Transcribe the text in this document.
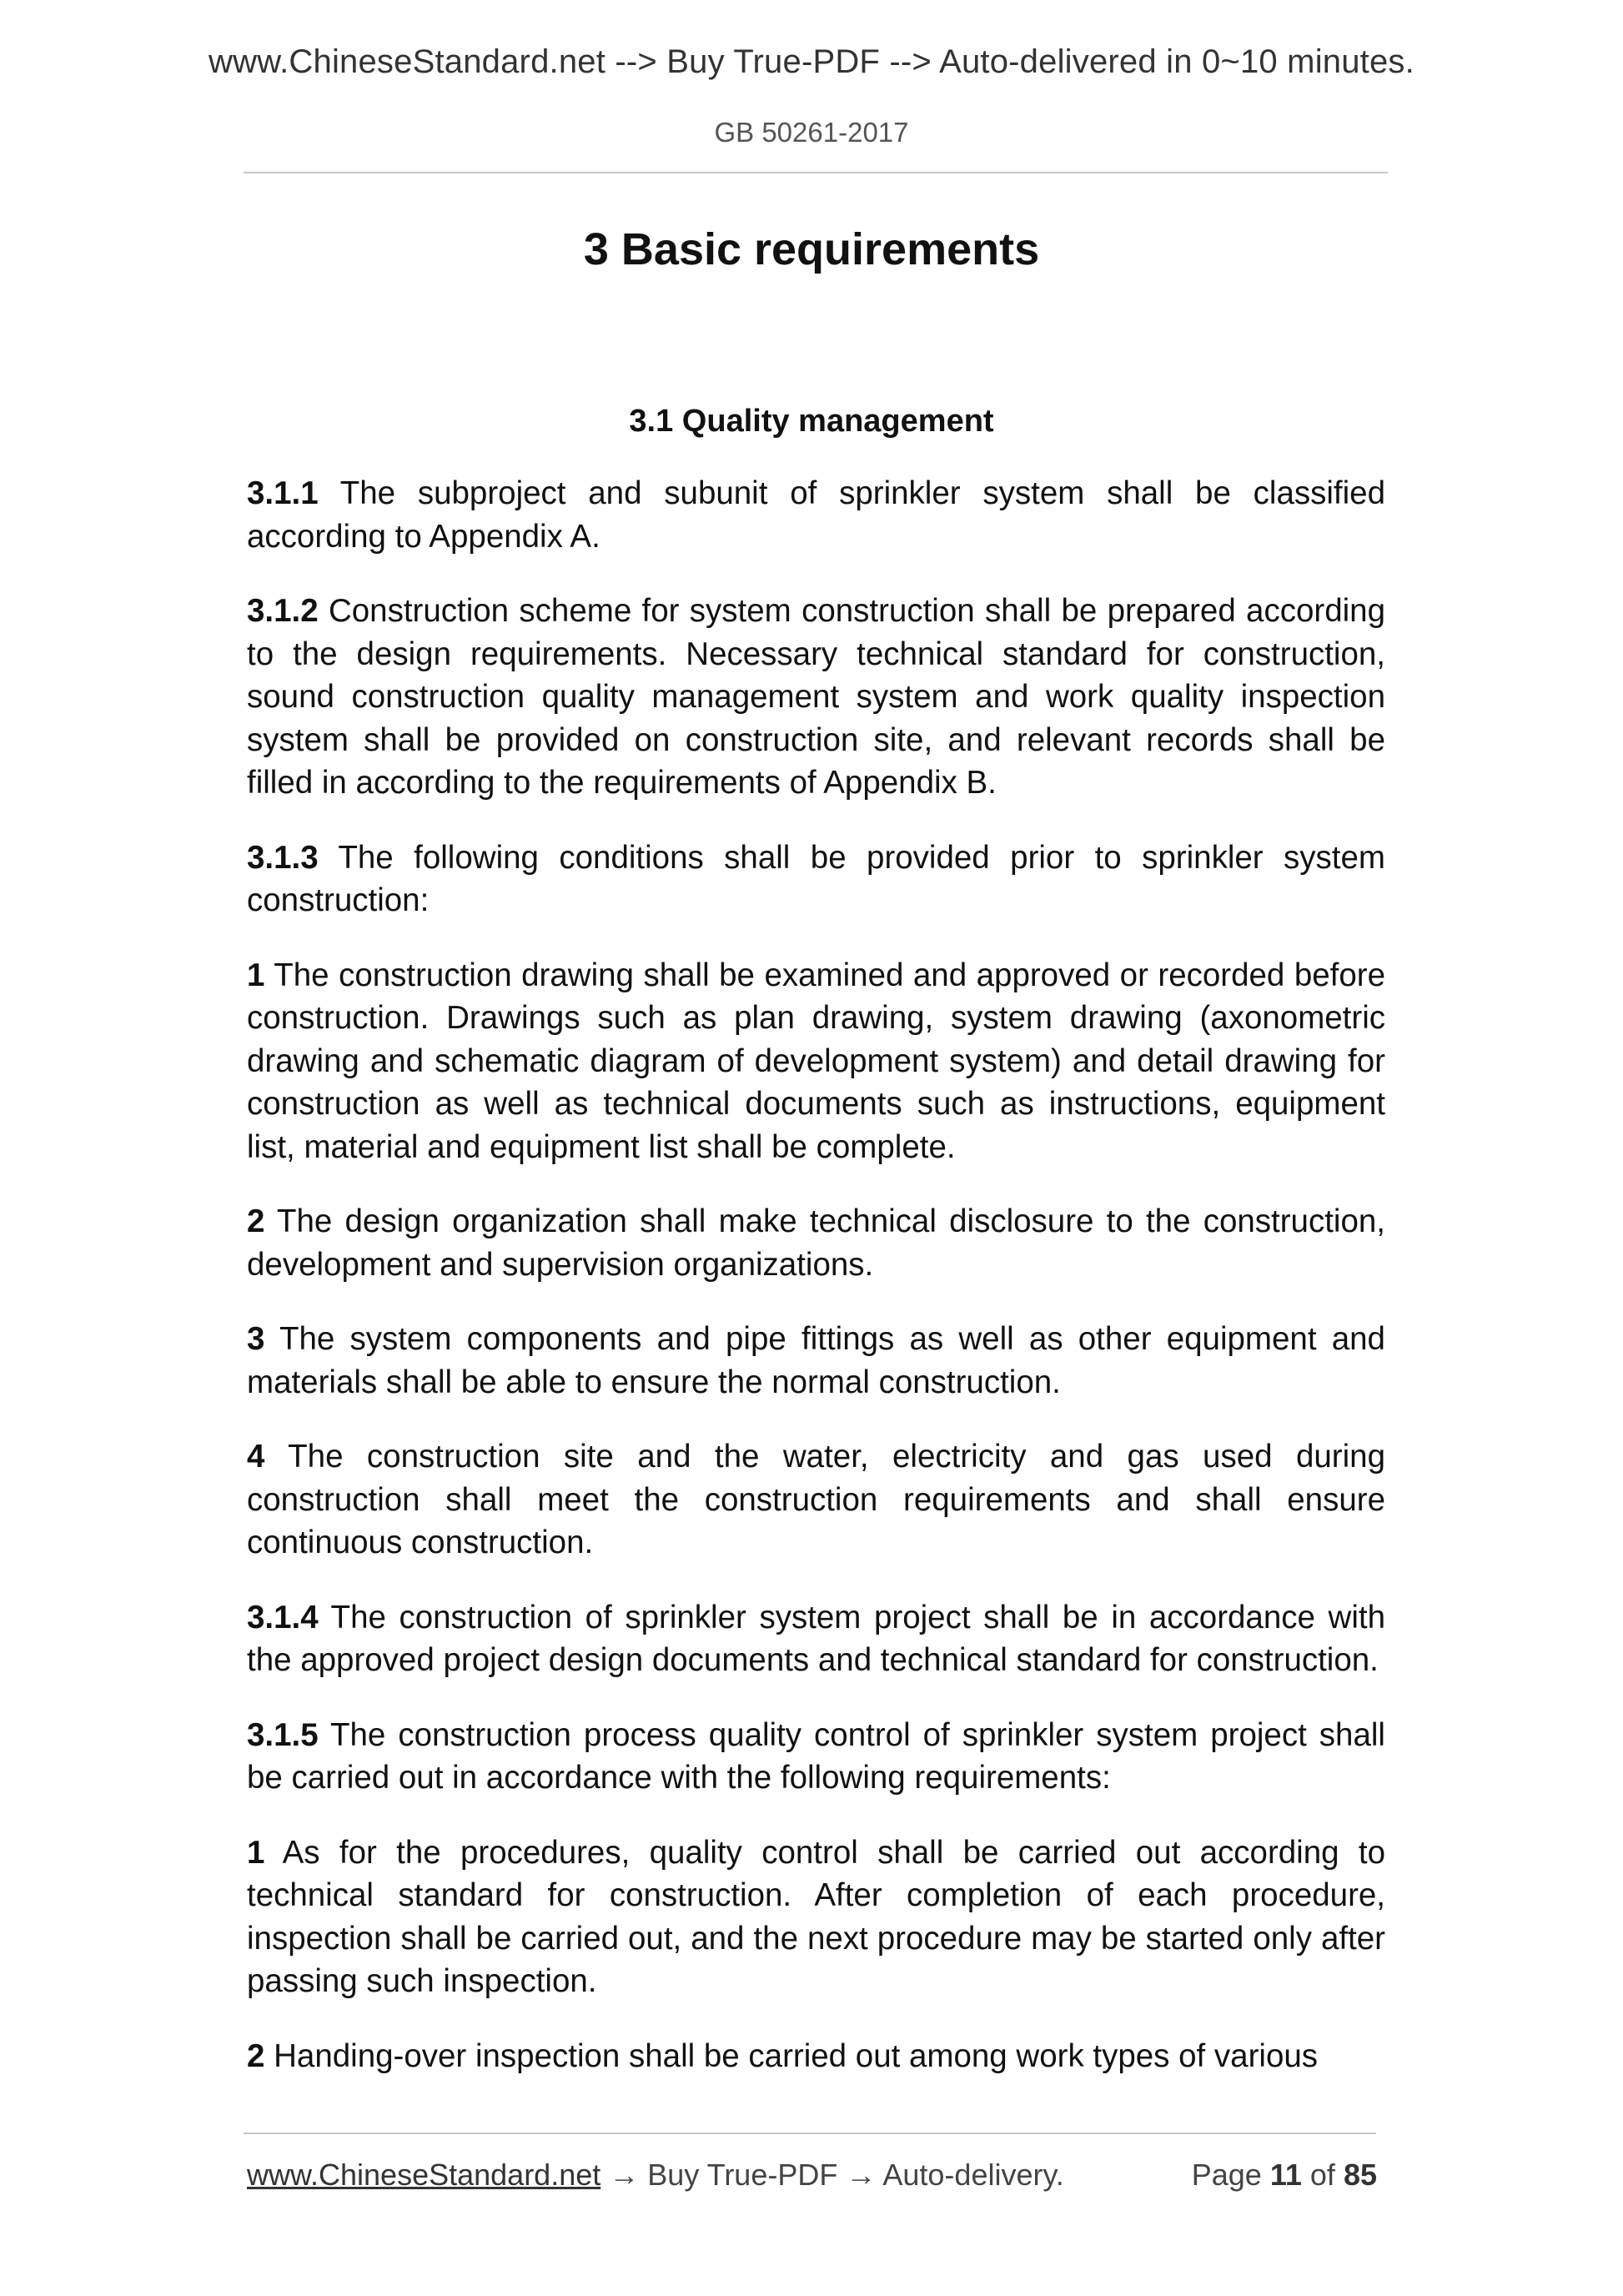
www.ChineseStandard.net --> Buy True-PDF --> Auto-delivered in 0~10 minutes.
GB 50261-2017
3 Basic requirements
3.1 Quality management

3.1.1 The subproject and subunit of sprinkler system shall be classified according to Appendix A.

3.1.2 Construction scheme for system construction shall be prepared according to the design requirements. Necessary technical standard for construction, sound construction quality management system and work quality inspection system shall be provided on construction site, and relevant records shall be filled in according to the requirements of Appendix B.

3.1.3 The following conditions shall be provided prior to sprinkler system construction:

1 The construction drawing shall be examined and approved or recorded before construction. Drawings such as plan drawing, system drawing (axonometric drawing and schematic diagram of development system) and detail drawing for construction as well as technical documents such as instructions, equipment list, material and equipment list shall be complete.

2 The design organization shall make technical disclosure to the construction, development and supervision organizations.

3 The system components and pipe fittings as well as other equipment and materials shall be able to ensure the normal construction.

4 The construction site and the water, electricity and gas used during construction shall meet the construction requirements and shall ensure continuous construction.

3.1.4 The construction of sprinkler system project shall be in accordance with the approved project design documents and technical standard for construction.

3.1.5 The construction process quality control of sprinkler system project shall be carried out in accordance with the following requirements:

1 As for the procedures, quality control shall be carried out according to technical standard for construction. After completion of each procedure, inspection shall be carried out, and the next procedure may be started only after passing such inspection.

2 Handing-over inspection shall be carried out among work types of various

www.ChineseStandard.net → Buy True-PDF → Auto-delivery.	Page 11 of 85
